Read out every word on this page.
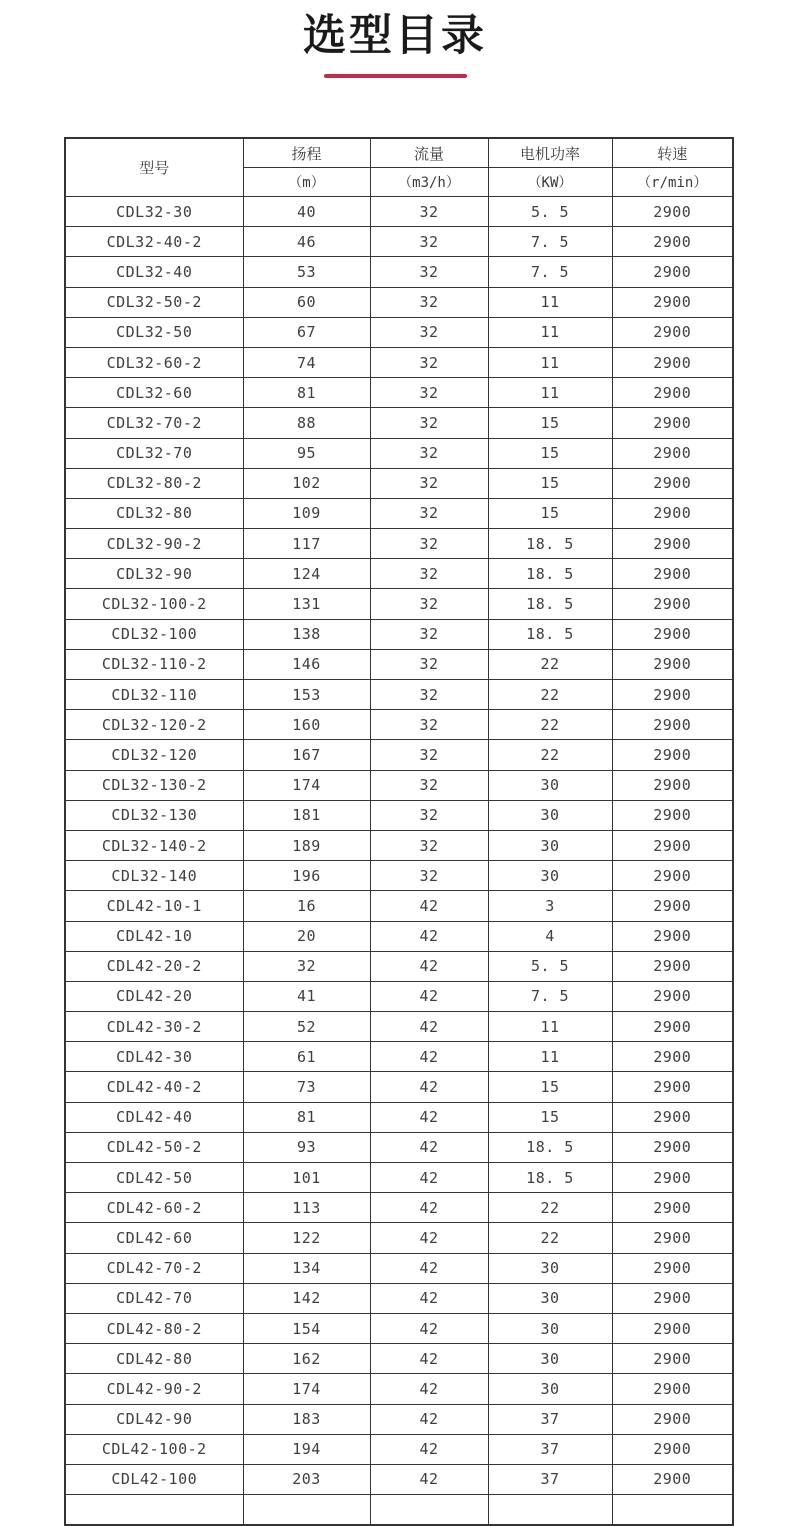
选型目录
型号	扬程	流量	电机功率	转速
	（m）	（m3/h）	（KW）	（r/min）
CDL32-30	40	32	5. 5	2900
CDL32-40-2	46	32	7. 5	2900
CDL32-40	53	32	7. 5	2900
CDL32-50-2	60	32	11	2900
CDL32-50	67	32	11	2900
CDL32-60-2	74	32	11	2900
CDL32-60	81	32	11	2900
CDL32-70-2	88	32	15	2900
CDL32-70	95	32	15	2900
CDL32-80-2	102	32	15	2900
CDL32-80	109	32	15	2900
CDL32-90-2	117	32	18. 5	2900
CDL32-90	124	32	18. 5	2900
CDL32-100-2	131	32	18. 5	2900
CDL32-100	138	32	18. 5	2900
CDL32-110-2	146	32	22	2900
CDL32-110	153	32	22	2900
CDL32-120-2	160	32	22	2900
CDL32-120	167	32	22	2900
CDL32-130-2	174	32	30	2900
CDL32-130	181	32	30	2900
CDL32-140-2	189	32	30	2900
CDL32-140	196	32	30	2900
CDL42-10-1	16	42	3	2900
CDL42-10	20	42	4	2900
CDL42-20-2	32	42	5. 5	2900
CDL42-20	41	42	7. 5	2900
CDL42-30-2	52	42	11	2900
CDL42-30	61	42	11	2900
CDL42-40-2	73	42	15	2900
CDL42-40	81	42	15	2900
CDL42-50-2	93	42	18. 5	2900
CDL42-50	101	42	18. 5	2900
CDL42-60-2	113	42	22	2900
CDL42-60	122	42	22	2900
CDL42-70-2	134	42	30	2900
CDL42-70	142	42	30	2900
CDL42-80-2	154	42	30	2900
CDL42-80	162	42	30	2900
CDL42-90-2	174	42	30	2900
CDL42-90	183	42	37	2900
CDL42-100-2	194	42	37	2900
CDL42-100	203	42	37	2900
